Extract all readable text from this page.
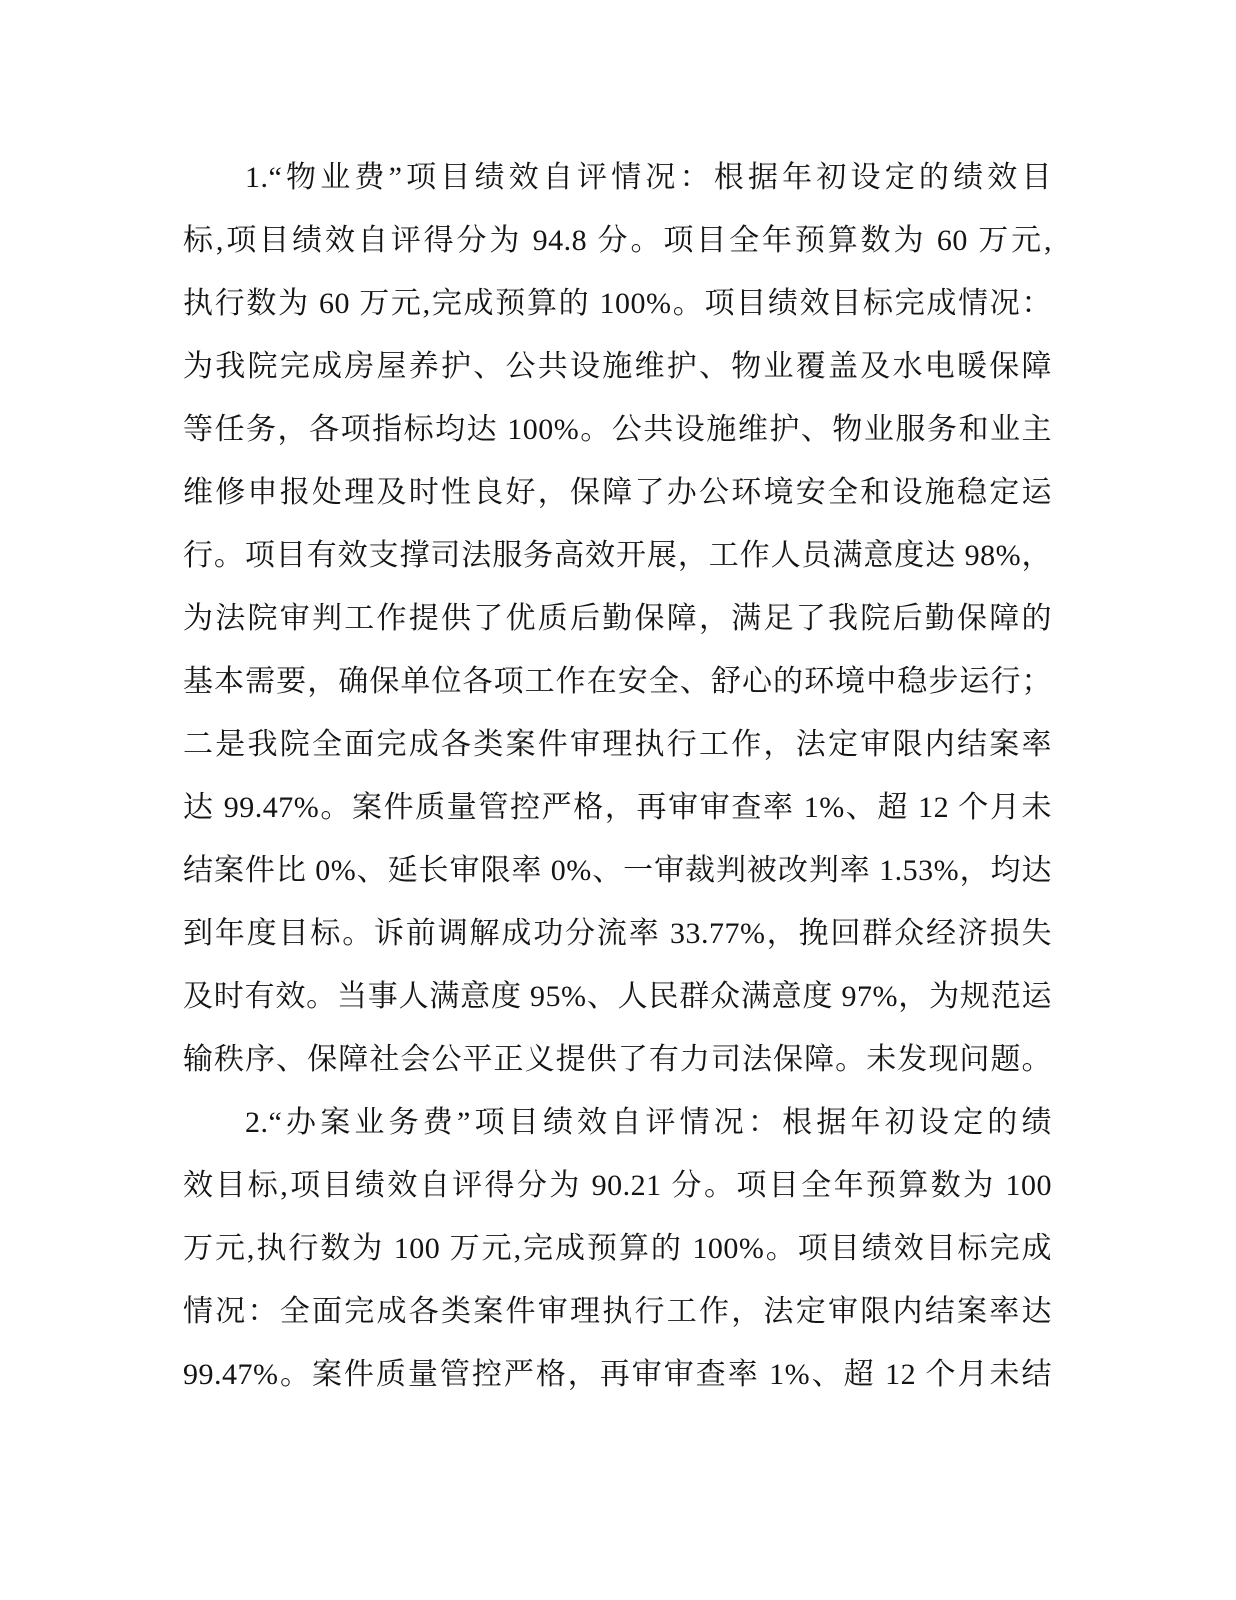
1.“物业费”项目绩效自评情况：根据年初设定的绩效目
标,项目绩效自评得分为 94.8 分。项目全年预算数为 60 万元,
执行数为 60 万元,完成预算的 100%。项目绩效目标完成情况：
为我院完成房屋养护、公共设施维护、物业覆盖及水电暖保障
等任务，各项指标均达 100%。公共设施维护、物业服务和业主
维修申报处理及时性良好，保障了办公环境安全和设施稳定运
行。项目有效支撑司法服务高效开展，工作人员满意度达 98%，
为法院审判工作提供了优质后勤保障，满足了我院后勤保障的
基本需要，确保单位各项工作在安全、舒心的环境中稳步运行；
二是我院全面完成各类案件审理执行工作，法定审限内结案率
达 99.47%。案件质量管控严格，再审审查率 1%、超 12 个月未
结案件比 0%、延长审限率 0%、一审裁判被改判率 1.53%，均达
到年度目标。诉前调解成功分流率 33.77%，挽回群众经济损失
及时有效。当事人满意度 95%、人民群众满意度 97%，为规范运
输秩序、保障社会公平正义提供了有力司法保障。未发现问题。
2.“办案业务费”项目绩效自评情况：根据年初设定的绩
效目标,项目绩效自评得分为 90.21 分。项目全年预算数为 100
万元,执行数为 100 万元,完成预算的 100%。项目绩效目标完成
情况：全面完成各类案件审理执行工作，法定审限内结案率达
99.47%。案件质量管控严格，再审审查率 1%、超 12 个月未结
